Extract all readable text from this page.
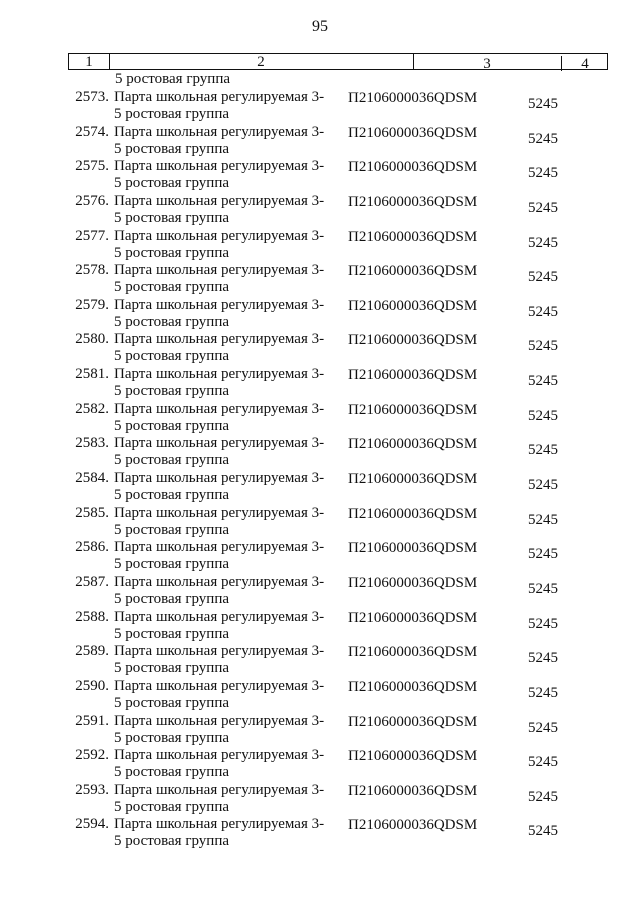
95
1	2	3	4
5 ростовая группа
2573. Парта школьная регулируемая 3-
5 ростовая группа
П2106000036QDSM	5245
2574. Парта школьная регулируемая 3-
5 ростовая группа
П2106000036QDSM	5245
2575. Парта школьная регулируемая 3-
5 ростовая группа
П2106000036QDSM	5245
2576. Парта школьная регулируемая 3-
5 ростовая группа
П2106000036QDSM	5245
2577. Парта школьная регулируемая 3-
5 ростовая группа
П2106000036QDSM	5245
2578. Парта школьная регулируемая 3-
5 ростовая группа
П2106000036QDSM	5245
2579. Парта школьная регулируемая 3-
5 ростовая группа
П2106000036QDSM	5245
2580. Парта школьная регулируемая 3-
5 ростовая группа
П2106000036QDSM	5245
2581. Парта школьная регулируемая 3-
5 ростовая группа
П2106000036QDSM	5245
2582. Парта школьная регулируемая 3-
5 ростовая группа
П2106000036QDSM	5245
2583. Парта школьная регулируемая 3-
5 ростовая группа
П2106000036QDSM	5245
2584. Парта школьная регулируемая 3-
5 ростовая группа
П2106000036QDSM	5245
2585. Парта школьная регулируемая 3-
5 ростовая группа
П2106000036QDSM	5245
2586. Парта школьная регулируемая 3-
5 ростовая группа
П2106000036QDSM	5245
2587. Парта школьная регулируемая 3-
5 ростовая группа
П2106000036QDSM	5245
2588. Парта школьная регулируемая 3-
5 ростовая группа
П2106000036QDSM	5245
2589. Парта школьная регулируемая 3-
5 ростовая группа
П2106000036QDSM	5245
2590. Парта школьная регулируемая 3-
5 ростовая группа
П2106000036QDSM	5245
2591. Парта школьная регулируемая 3-
5 ростовая группа
П2106000036QDSM	5245
2592. Парта школьная регулируемая 3-
5 ростовая группа
П2106000036QDSM	5245
2593. Парта школьная регулируемая 3-
5 ростовая группа
П2106000036QDSM	5245
2594. Парта школьная регулируемая 3-
5 ростовая группа
П2106000036QDSM	5245
